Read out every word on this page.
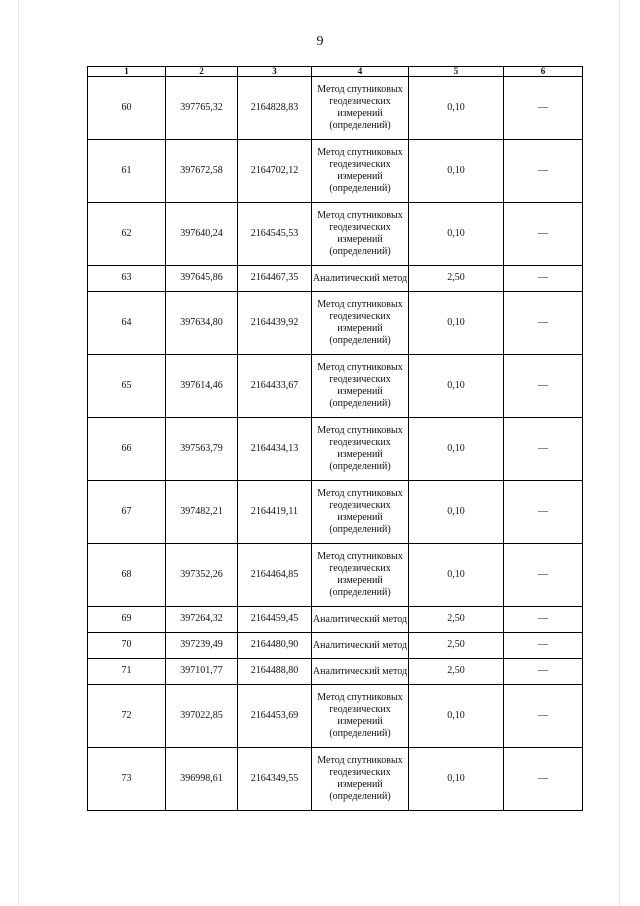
9
1	2	3	4	5	6
60	397765,32	2164828,83	Метод спутниковых геодезических измерений (определений)	0,10	—
61	397672,58	2164702,12	Метод спутниковых геодезических измерений (определений)	0,10	—
62	397640,24	2164545,53	Метод спутниковых геодезических измерений (определений)	0,10	—
63	397645,86	2164467,35	Аналитический метод	2,50	—
64	397634,80	2164439,92	Метод спутниковых геодезических измерений (определений)	0,10	—
65	397614,46	2164433,67	Метод спутниковых геодезических измерений (определений)	0,10	—
66	397563,79	2164434,13	Метод спутниковых геодезических измерений (определений)	0,10	—
67	397482,21	2164419,11	Метод спутниковых геодезических измерений (определений)	0,10	—
68	397352,26	2164464,85	Метод спутниковых геодезических измерений (определений)	0,10	—
69	397264,32	2164459,45	Аналитический метод	2,50	—
70	397239,49	2164480,90	Аналитический метод	2,50	—
71	397101,77	2164488,80	Аналитический метод	2,50	—
72	397022,85	2164453,69	Метод спутниковых геодезических измерений (определений)	0,10	—
73	396998,61	2164349,55	Метод спутниковых геодезических измерений (определений)	0,10	—
